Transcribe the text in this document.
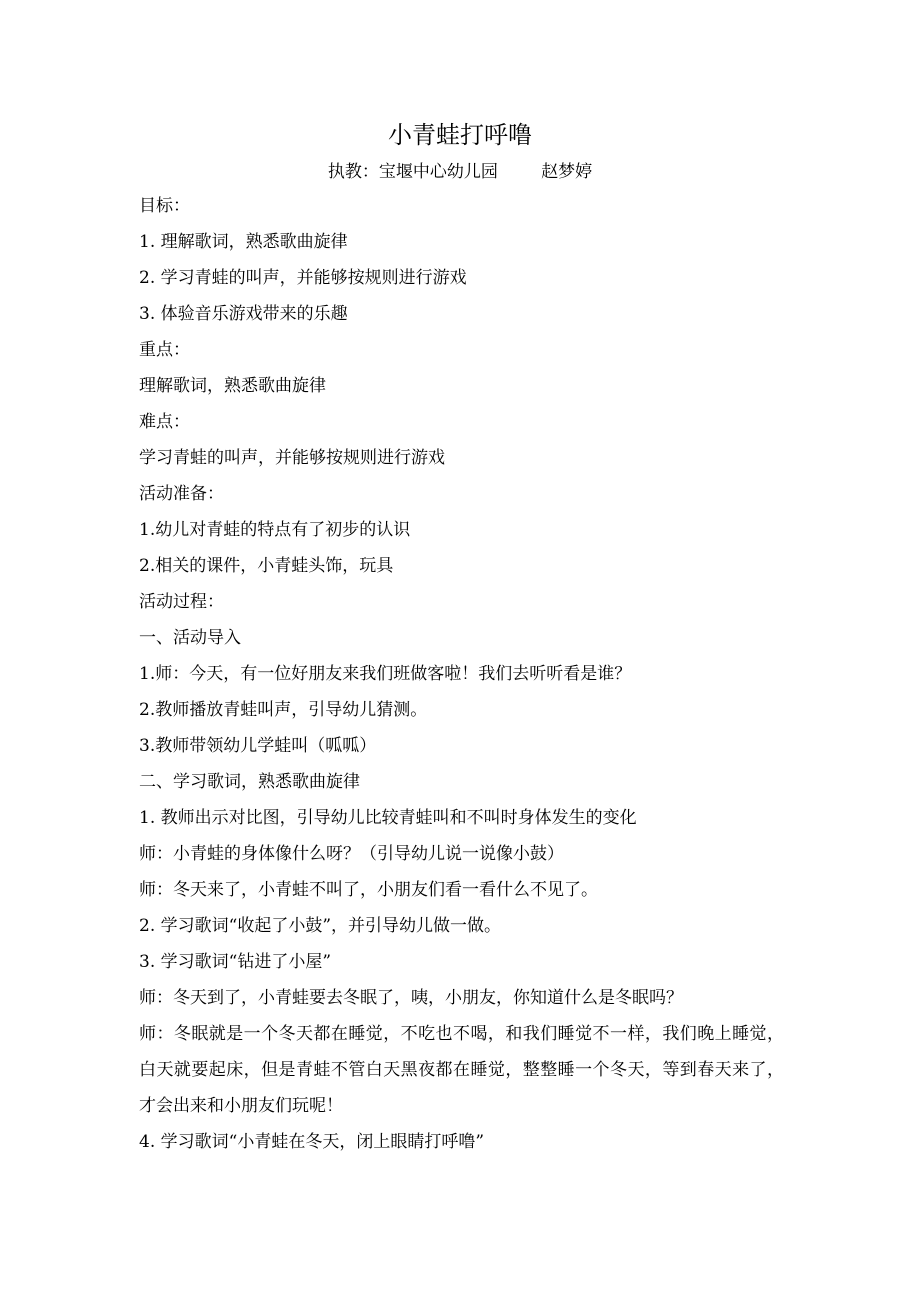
小青蛙打呼噜
执教：宝堰中心幼儿园        赵梦婷
目标：
1. 理解歌词，熟悉歌曲旋律
2. 学习青蛙的叫声，并能够按规则进行游戏
3. 体验音乐游戏带来的乐趣
重点：
理解歌词，熟悉歌曲旋律
难点：
学习青蛙的叫声，并能够按规则进行游戏
活动准备：
1.幼儿对青蛙的特点有了初步的认识
2.相关的课件，小青蛙头饰，玩具
活动过程：
一、活动导入
1.师：今天，有一位好朋友来我们班做客啦！我们去听听看是谁？
2.教师播放青蛙叫声，引导幼儿猜测。
3.教师带领幼儿学蛙叫（呱呱）
二、学习歌词，熟悉歌曲旋律
1. 教师出示对比图，引导幼儿比较青蛙叫和不叫时身体发生的变化
师：小青蛙的身体像什么呀？（引导幼儿说一说像小鼓）
师：冬天来了，小青蛙不叫了，小朋友们看一看什么不见了。
2. 学习歌词“收起了小鼓”，并引导幼儿做一做。
3. 学习歌词“钻进了小屋”
师：冬天到了，小青蛙要去冬眠了，咦，小朋友，你知道什么是冬眠吗？
师：冬眠就是一个冬天都在睡觉，不吃也不喝，和我们睡觉不一样，我们晚上睡觉，白天就要起床，但是青蛙不管白天黑夜都在睡觉，整整睡一个冬天，等到春天来了，才会出来和小朋友们玩呢！
4. 学习歌词“小青蛙在冬天，闭上眼睛打呼噜”
